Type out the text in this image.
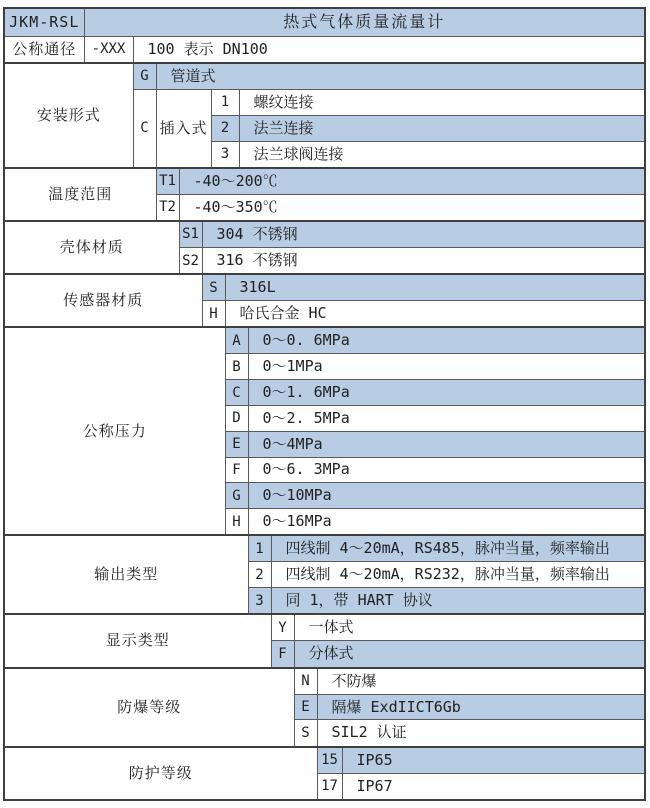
JKM-RSL	热式气体质量流量计												
公称通径	-XXX	100 表示 DN100											
安装形式		G	管道式										
		C	插入式			1		螺纹连接					
						2		法兰连接					
						3		法兰球阀连接					
温度范围			T1	-40～200℃									
			T2	-40～350℃									
壳体材质				S1	304 不锈钢								
				S2	316 不锈钢								
传感器材质					S		316L						
					H		哈氏合金 HC						
公称压力							A		0～0. 6MPa				
							B		0～1MPa				
							C		0～1. 6MPa				
							D		0～2. 5MPa				
							E		0～4MPa				
							F		0～6. 3MPa				
							G		0～10MPa				
							H		0～16MPa				
输出类型									1	四线制 4～20mA，RS485，脉冲当量，频率输出			
									2	四线制 4～20mA，RS232，脉冲当量，频率输出			
									3	同 1，带 HART 协议			
显示类型										Y	一体式		
										F	分体式		
防爆等级											N	不防爆	
											E	隔爆 ExdIICT6Gb	
											S	SIL2 认证	
防护等级												15	IP65
												17	IP67
